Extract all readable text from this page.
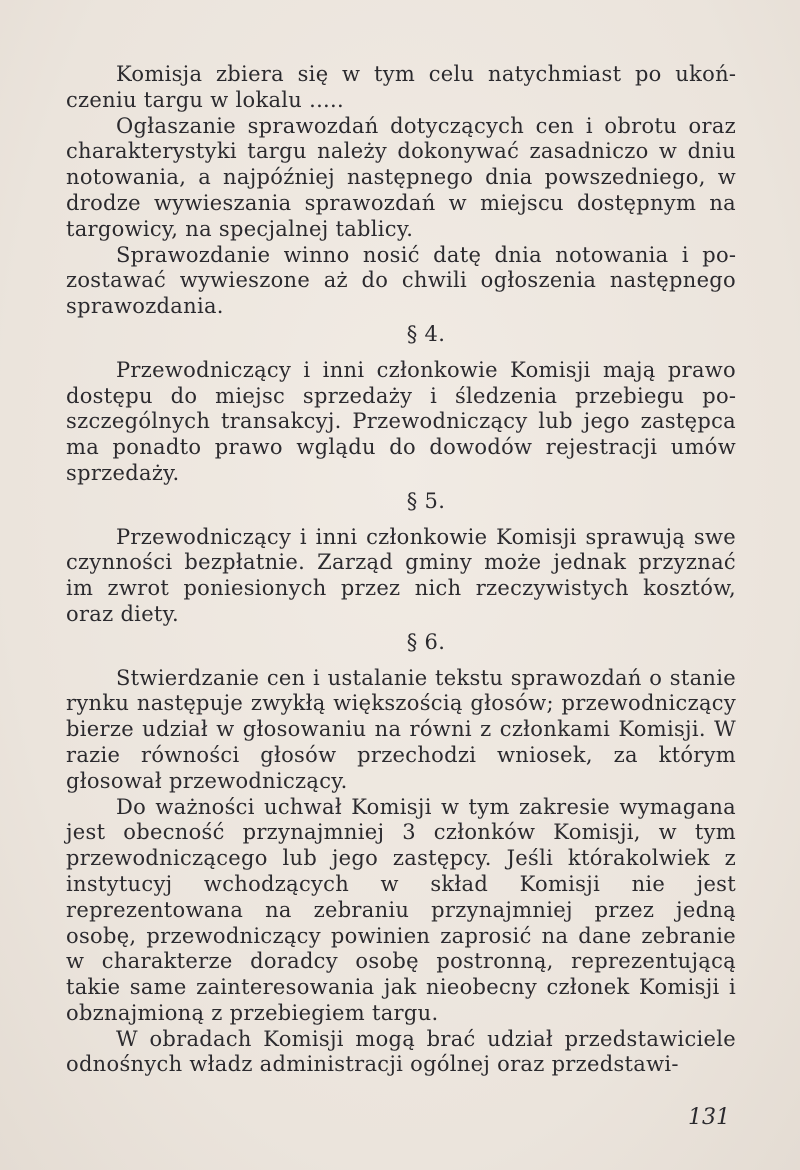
Komisja zbiera się w tym celu natychmiast po ukończeniu targu w lokalu .....

Ogłaszanie sprawozdań dotyczących cen i obrotu oraz charakterystyki targu należy dokonywać zasadniczo w dniu notowania, a najpóźniej następnego dnia powszedniego, w drodze wywieszania sprawozdań w miejscu dostępnym na targowicy, na specjalnej tablicy.

Sprawozdanie winno nosić datę dnia notowania i pozostawać wywieszone aż do chwili ogłoszenia następnego sprawozdania.

§ 4.

Przewodniczący i inni członkowie Komisji mają prawo dostępu do miejsc sprzedaży i śledzenia przebiegu poszczególnych transakcyj. Przewodniczący lub jego zastępca ma ponadto prawo wglądu do dowodów rejestracji umów sprzedaży.

§ 5.

Przewodniczący i inni członkowie Komisji sprawują swe czynności bezpłatnie. Zarząd gminy może jednak przyznać im zwrot poniesionych przez nich rzeczywistych kosztów, oraz diety.

§ 6.

Stwierdzanie cen i ustalanie tekstu sprawozdań o stanie rynku następuje zwykłą większością głosów; przewodniczący bierze udział w głosowaniu na równi z członkami Komisji. W razie równości głosów przechodzi wniosek, za którym głosował przewodniczący.

Do ważności uchwał Komisji w tym zakresie wymagana jest obecność przynajmniej 3 członków Komisji, w tym przewodniczącego lub jego zastępcy. Jeśli którakolwiek z instytucyj wchodzących w skład Komisji nie jest reprezentowana na zebraniu przynajmniej przez jedną osobę, przewodniczący powinien zaprosić na dane zebranie w charakterze doradcy osobę postronną, reprezentującą takie same zainteresowania jak nieobecny członek Komisji i obznajmioną z przebiegiem targu.

W obradach Komisji mogą brać udział przedstawiciele odnośnych władz administracji ogólnej oraz przedstawi-

131
